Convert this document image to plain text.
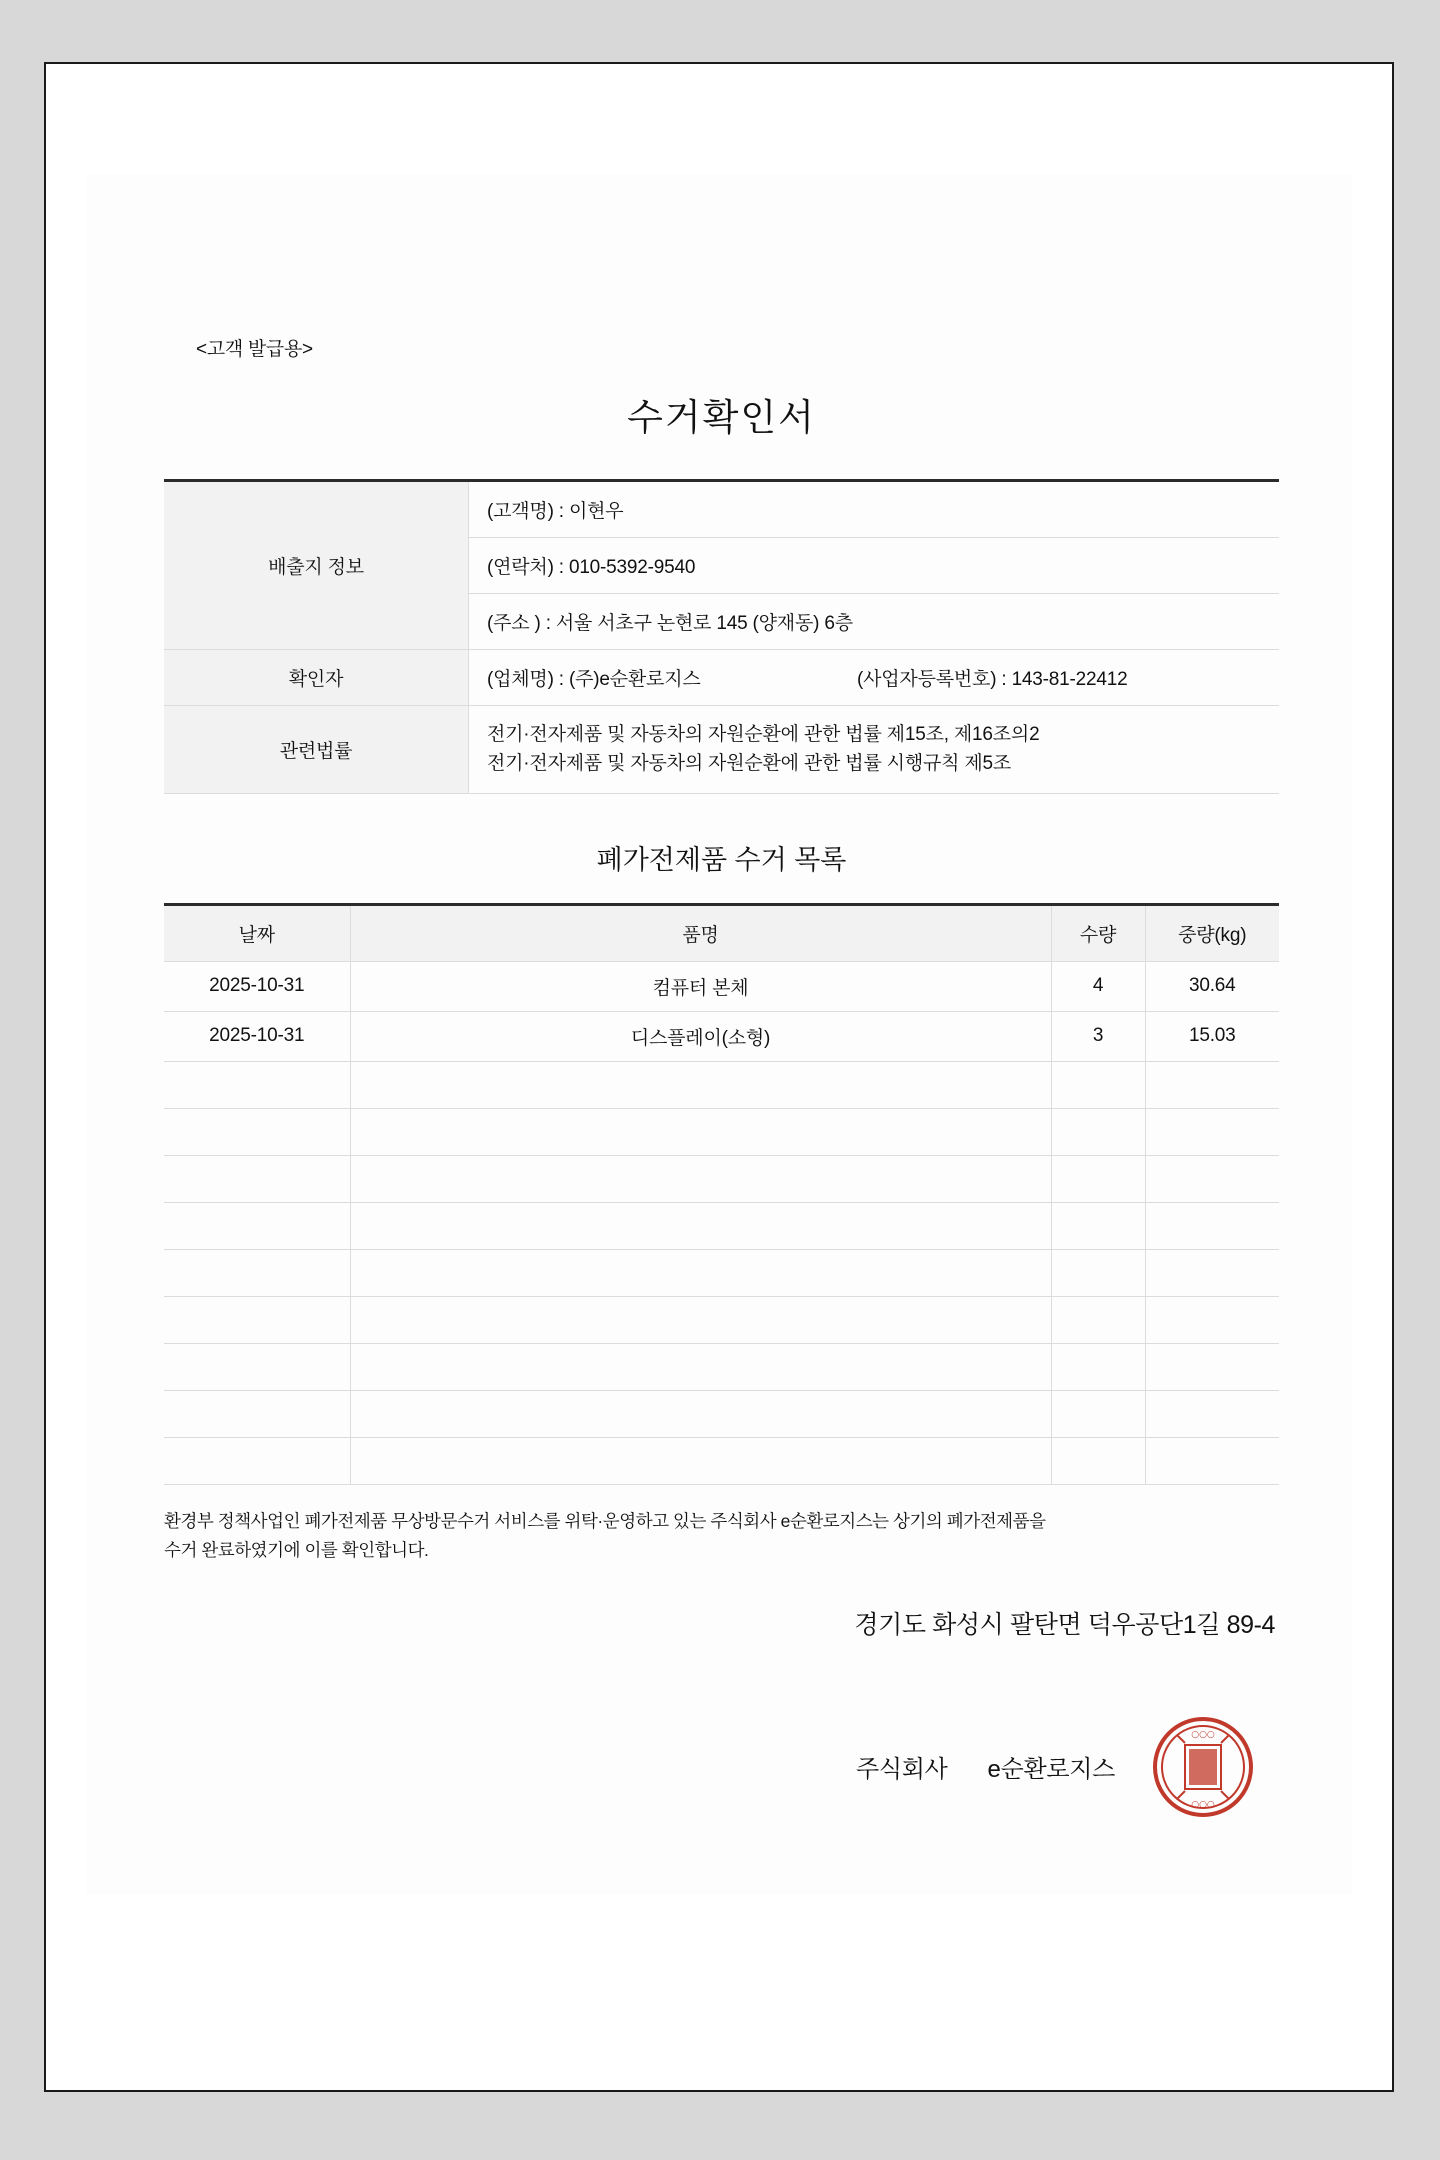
<고객 발급용>
수거확인서
배출지 정보	(고객명) : 이현우
	(연락처) : 010-5392-9540
	(주소 ) : 서울 서초구 논현로 145 (양재동) 6층
확인자	(업체명) : (주)e순환로지스 (사업자등록번호) : 143-81-22412

관련법률	전기·전자제품 및 자동차의 자원순환에 관한 법률 제15조, 제16조의2
전기·전자제품 및 자동차의 자원순환에 관한 법률 시행규칙 제5조
폐가전제품 수거 목록
날짜	품명	수량	중량(kg)
2025-10-31	컴퓨터 본체	4	30.64
2025-10-31	디스플레이(소형)	3	15.03

환경부 정책사업인 폐가전제품 무상방문수거 서비스를 위탁·운영하고 있는 주식회사 e순환로지스는 상기의 폐가전제품을
수거 완료하였기에 이를 확인합니다.
경기도 화성시 팔탄면 덕우공단1길 89-4
주식회사 e순환로지스
○○○
○○○
